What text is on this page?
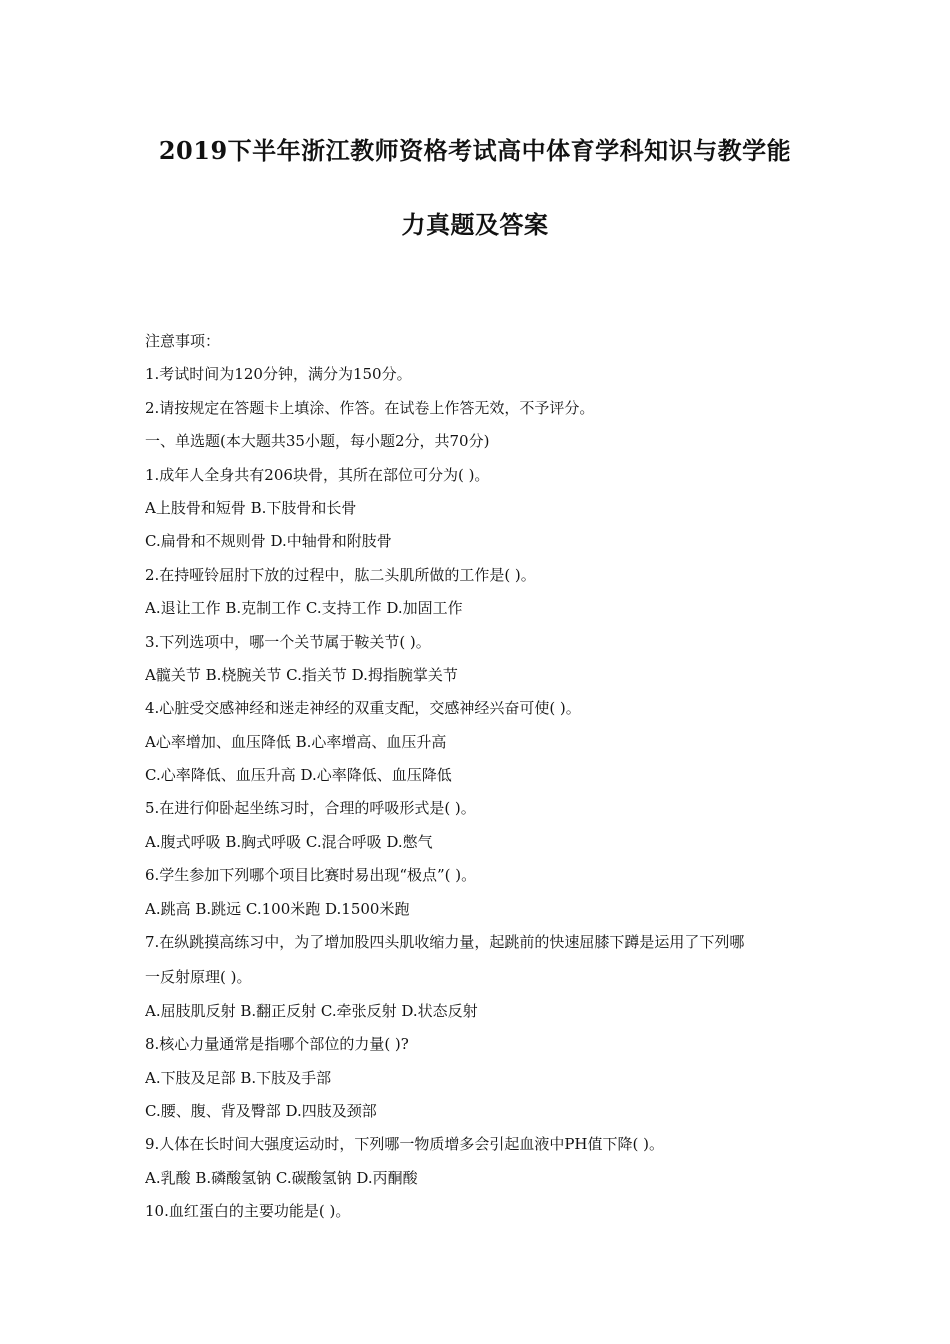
2019下半年浙江教师资格考试高中体育学科知识与教学能
力真题及答案
注意事项：
1.考试时间为120分钟，满分为150分。
2.请按规定在答题卡上填涂、作答。在试卷上作答无效，不予评分。
一、单选题(本大题共35小题，每小题2分，共70分)
1.成年人全身共有206块骨，其所在部位可分为( )。
A上肢骨和短骨 B.下肢骨和长骨
C.扁骨和不规则骨 D.中轴骨和附肢骨
2.在持哑铃屈肘下放的过程中，肱二头肌所做的工作是( )。
A.退让工作 B.克制工作 C.支持工作 D.加固工作
3.下列选项中，哪一个关节属于鞍关节( )。
A髋关节 B.桡腕关节 C.指关节 D.拇指腕掌关节
4.心脏受交感神经和迷走神经的双重支配，交感神经兴奋可使( )。
A心率增加、血压降低 B.心率增高、血压升高
C.心率降低、血压升高 D.心率降低、血压降低
5.在进行仰卧起坐练习时，合理的呼吸形式是( )。
A.腹式呼吸 B.胸式呼吸 C.混合呼吸 D.憋气
6.学生参加下列哪个项目比赛时易出现“极点”( )。
A.跳高 B.跳远 C.100米跑 D.1500米跑
7.在纵跳摸高练习中，为了增加股四头肌收缩力量，起跳前的快速屈膝下蹲是运用了下列哪
一反射原理( )。
A.屈肢肌反射 B.翻正反射 C.牵张反射 D.状态反射
8.核心力量通常是指哪个部位的力量( )?
A.下肢及足部 B.下肢及手部
C.腰、腹、背及臀部 D.四肢及颈部
9.人体在长时间大强度运动时，下列哪一物质增多会引起血液中PH值下降( )。
A.乳酸 B.磷酸氢钠 C.碳酸氢钠 D.丙酮酸
10.血红蛋白的主要功能是( )。
